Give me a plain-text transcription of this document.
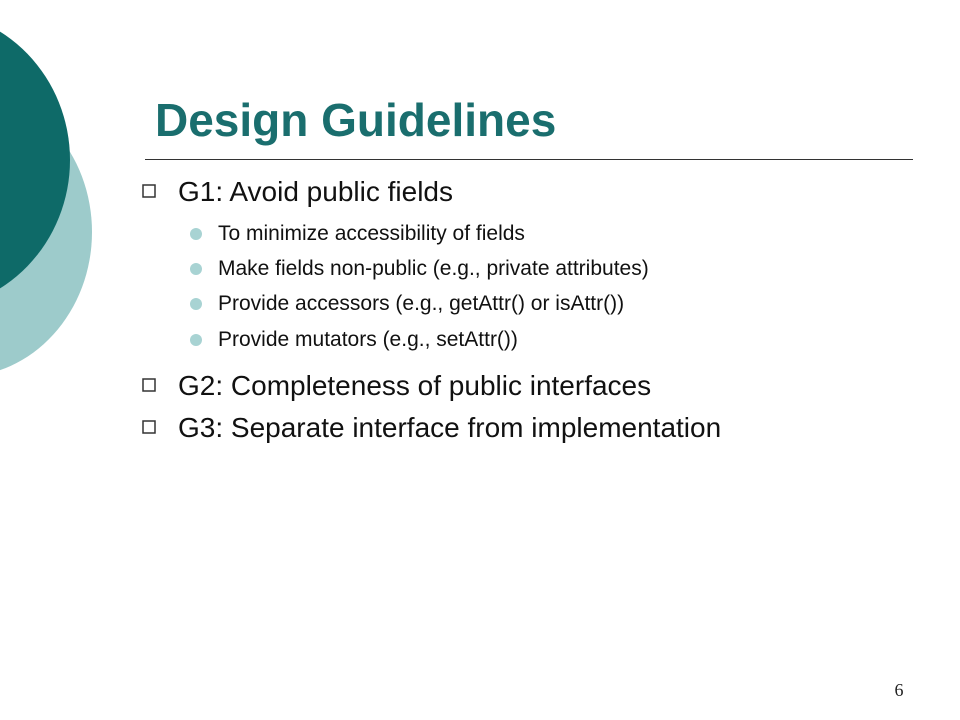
Design Guidelines
G1: Avoid public fields
To minimize accessibility of fields
Make fields non-public (e.g., private attributes)
Provide accessors (e.g., getAttr() or isAttr())
Provide mutators (e.g., setAttr())
G2: Completeness of public interfaces
G3: Separate interface from implementation
6
